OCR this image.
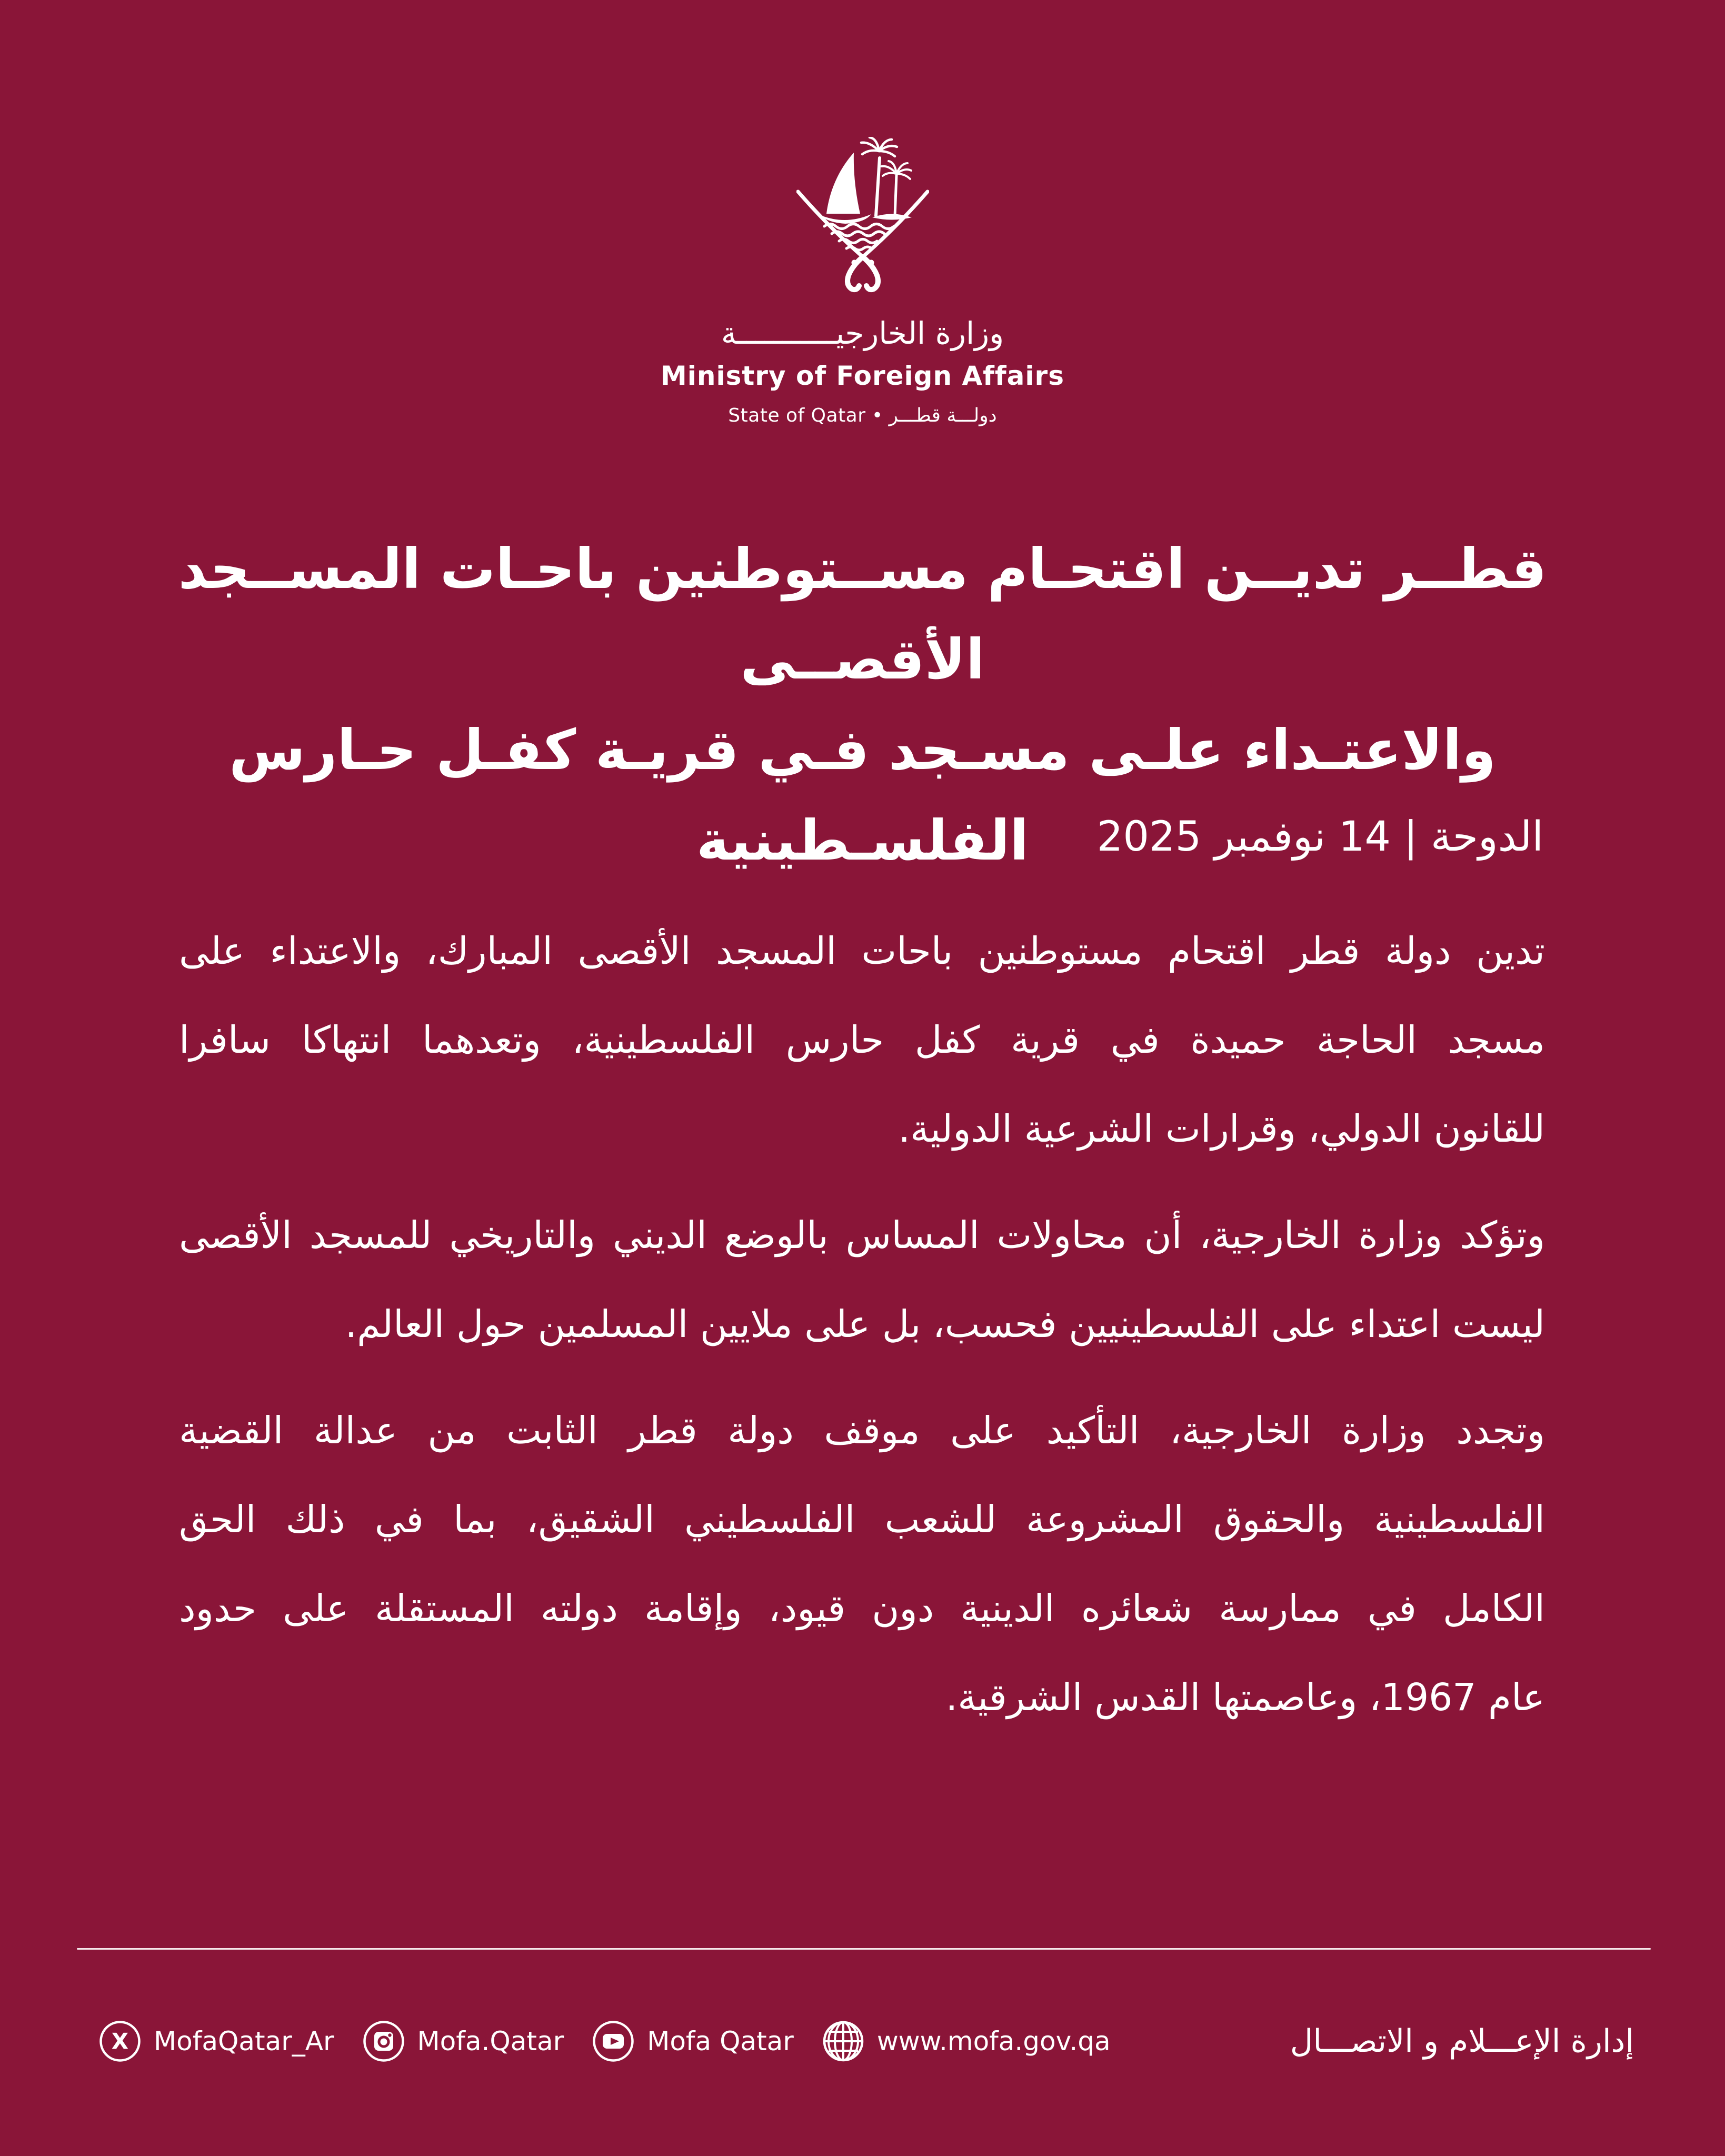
وزارة الخارجيـــــــــــة
Ministry of Foreign Affairs
دولـــة قطـــر • State of Qatar
قطــر تديــن اقتحـام مســتوطنين باحـات المســجد الأقصــى
والاعتـداء علـى مسـجد فـي قريـة كفـل حـارس الفلسـطينية	الدوحة | 14 نوفمبر 2025
تدين دولة قطر اقتحام مستوطنين باحات المسجد الأقصى المبارك، والاعتداء على
مسجد الحاجة حميدة في قرية كفل حارس الفلسطينية، وتعدهما انتهاكا سافرا
للقانون الدولي، وقرارات الشرعية الدولية.
وتؤكد وزارة الخارجية، أن محاولات المساس بالوضع الديني والتاريخي للمسجد الأقصى
ليست اعتداء على الفلسطينيين فحسب، بل على ملايين المسلمين حول العالم.
وتجدد وزارة الخارجية، التأكيد على موقف دولة قطر الثابت من عدالة القضية
الفلسطينية والحقوق المشروعة للشعب الفلسطيني الشقيق، بما في ذلك الحق
الكامل في ممارسة شعائره الدينية دون قيود، وإقامة دولته المستقلة على حدود
عام 1967، وعاصمتها القدس الشرقية.
X MofaQatar_Ar	Mofa.Qatar	Mofa Qatar	www.mofa.gov.qa	إدارة الإعـــلام و الاتصـــال
